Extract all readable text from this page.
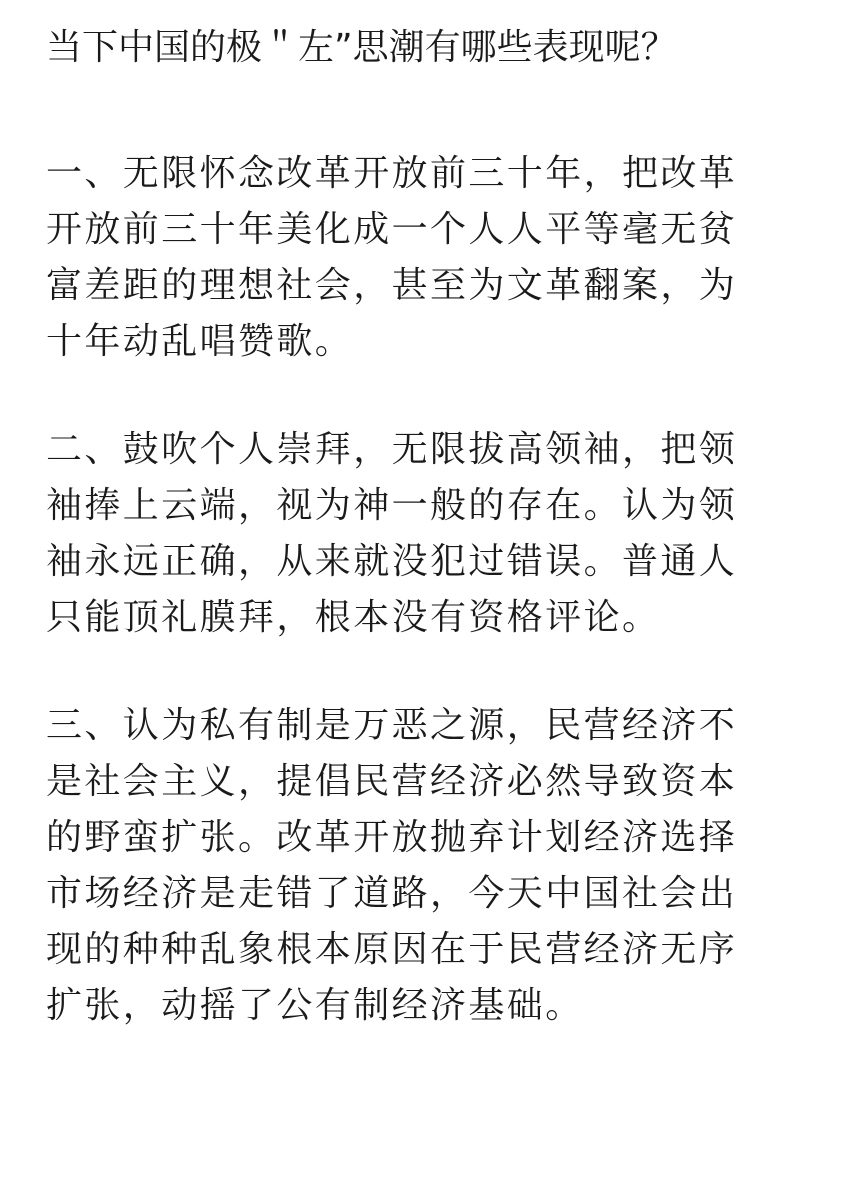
当下中国的极＂左”思潮有哪些表现呢？

一、无限怀念改革开放前三十年，把改革
开放前三十年美化成一个人人平等毫无贫
富差距的理想社会，甚至为文革翻案，为
十年动乱唱赞歌。

二、鼓吹个人崇拜，无限拔高领袖，把领
袖捧上云端，视为神一般的存在。认为领
袖永远正确，从来就没犯过错误。普通人
只能顶礼膜拜，根本没有资格评论。

三、认为私有制是万恶之源，民营经济不
是社会主义，提倡民营经济必然导致资本
的野蛮扩张。改革开放抛弃计划经济选择
市场经济是走错了道路，今天中国社会出
现的种种乱象根本原因在于民营经济无序
扩张，动摇了公有制经济基础。
